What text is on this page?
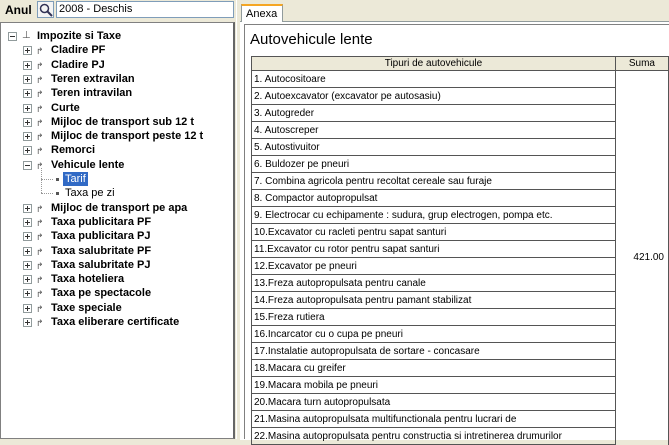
Anul 2008 - Deschis
⊥ Impozite si Taxe
↰ Cladire PF
↰ Cladire PJ
↰ Teren extravilan
↰ Teren intravilan
↰ Curte
↰ Mijloc de transport sub 12 t
↰ Mijloc de transport peste 12 t
↰ Remorci
↰ Vehicule lente
Tarif
Taxa pe zi
↰ Mijloc de transport pe apa
↰ Taxa publicitara PF
↰ Taxa publicitara PJ
↰ Taxa salubritate PF
↰ Taxa salubritate PJ
↰ Taxa hoteliera
↰ Taxa pe spectacole
↰ Taxe speciale
↰ Taxa eliberare certificate
Anexa
Autovehicule lente
Tipuri de autovehicule	Suma
1. Autocositoare	421.00
2. Autoexcavator (excavator pe autosasiu)	
3. Autogreder	
4. Autoscreper	
5. Autostivuitor	
6. Buldozer pe pneuri	
7. Combina agricola pentru recoltat cereale sau furaje	
8. Compactor autopropulsat	
9. Electrocar cu echipamente : sudura, grup electrogen, pompa etc.	
10.Excavator cu racleti pentru sapat santuri	
11.Excavator cu rotor pentru sapat santuri	
12.Excavator pe pneuri	
13.Freza autopropulsata pentru canale	
14.Freza autopropulsata pentru pamant stabilizat	
15.Freza rutiera	
16.Incarcator cu o cupa pe pneuri	
17.Instalatie autopropulsata de sortare - concasare	
18.Macara cu greifer	
19.Macara mobila pe pneuri	
20.Macara turn autopropulsata	
21.Masina autopropulsata multifunctionala pentru lucrari de	
22.Masina autopropulsata pentru constructia si intretinerea drumurilor	
